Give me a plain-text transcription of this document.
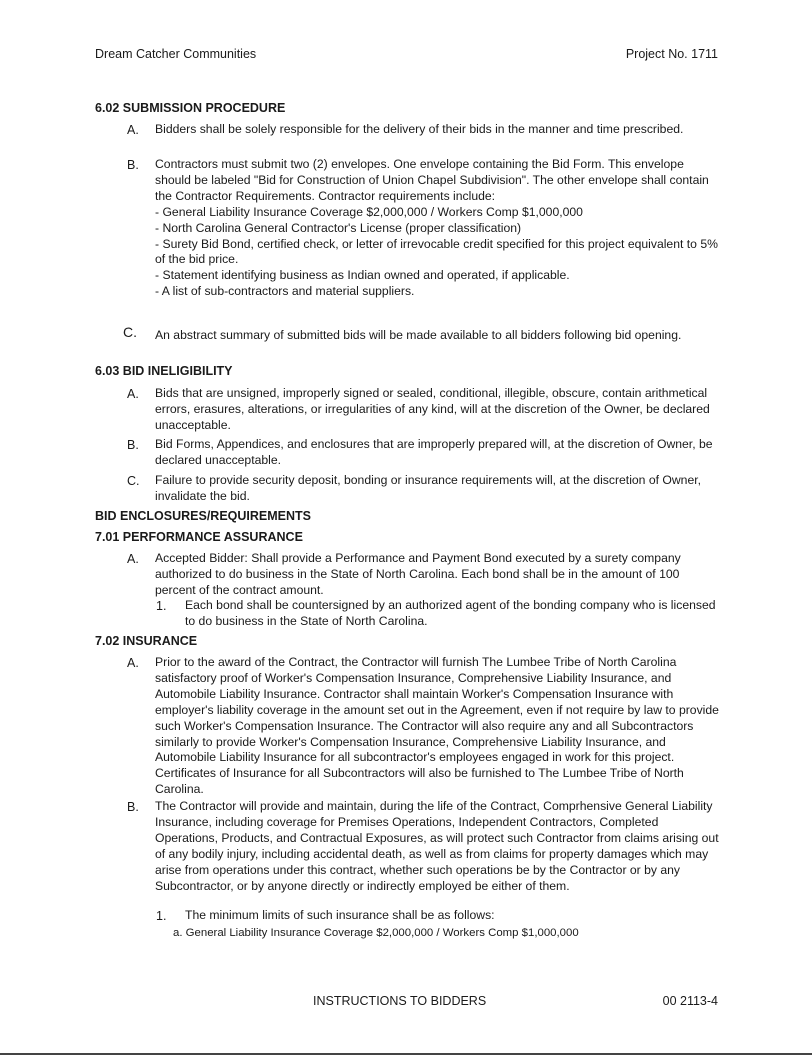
Dream Catcher Communities	Project No. 1711
6.02 SUBMISSION PROCEDURE
A. Bidders shall be solely responsible for the delivery of their bids in the manner and time prescribed.
B. Contractors must submit two (2) envelopes. One envelope containing the Bid Form. This envelope should be labeled "Bid for Construction of Union Chapel Subdivision". The other envelope shall contain the Contractor Requirements. Contractor requirements include:
- General Liability Insurance Coverage $2,000,000 / Workers Comp $1,000,000
- North Carolina General Contractor's License (proper classification)
- Surety Bid Bond, certified check, or letter of irrevocable credit specified for this project equivalent to 5% of the bid price.
- Statement identifying business as Indian owned and operated, if applicable.
- A list of sub-contractors and material suppliers.
C. An abstract summary of submitted bids will be made available to all bidders following bid opening.
6.03 BID INELIGIBILITY
A. Bids that are unsigned, improperly signed or sealed, conditional, illegible, obscure, contain arithmetical errors, erasures, alterations, or irregularities of any kind, will at the discretion of the Owner, be declared unacceptable.
B. Bid Forms, Appendices, and enclosures that are improperly prepared will, at the discretion of Owner, be declared unacceptable.
C. Failure to provide security deposit, bonding or insurance requirements will, at the discretion of Owner, invalidate the bid.
BID ENCLOSURES/REQUIREMENTS
7.01 PERFORMANCE ASSURANCE
A. Accepted Bidder: Shall provide a Performance and Payment Bond executed by a surety company authorized to do business in the State of North Carolina. Each bond shall be in the amount of 100 percent of the contract amount.
1. Each bond shall be countersigned by an authorized agent of the bonding company who is licensed to do business in the State of North Carolina.
7.02 INSURANCE
A. Prior to the award of the Contract, the Contractor will furnish The Lumbee Tribe of North Carolina satisfactory proof of Worker's Compensation Insurance, Comprehensive Liability Insurance, and Automobile Liability Insurance. Contractor shall maintain Worker's Compensation Insurance with employer's liability coverage in the amount set out in the Agreement, even if not require by law to provide such Worker's Compensation Insurance. The Contractor will also require any and all Subcontractors similarly to provide Worker's Compensation Insurance, Comprehensive Liability Insurance, and Automobile Liability Insurance for all subcontractor's employees engaged in work for this project. Certificates of Insurance for all Subcontractors will also be furnished to The Lumbee Tribe of North Carolina.
B. The Contractor will provide and maintain, during the life of the Contract, Comprhensive General Liability Insurance, including coverage for Premises Operations, Independent Contractors, Completed Operations, Products, and Contractual Exposures, as will protect such Contractor from claims arising out of any bodily injury, including accidental death, as well as from claims for property damages which may arise from operations under this contract, whether such operations be by the Contractor or by any Subcontractor, or by anyone directly or indirectly employed be either of them.
1. The minimum limits of such insurance shall be as follows:
a. General Liability Insurance Coverage $2,000,000 / Workers Comp $1,000,000
INSTRUCTIONS TO BIDDERS	00 2113-4
